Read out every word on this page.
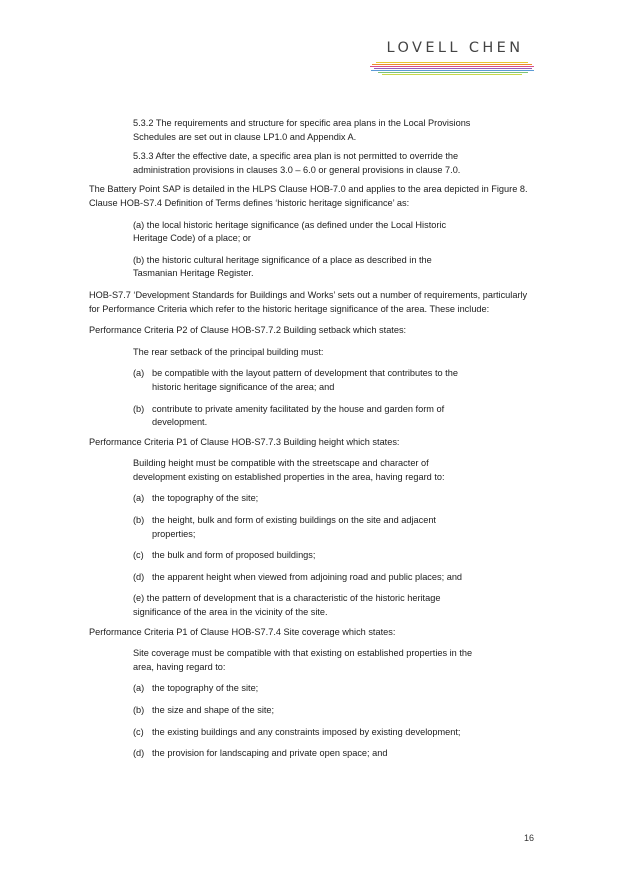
LOVELL CHEN

5.3.2 The requirements and structure for specific area plans in the Local Provisions Schedules are set out in clause LP1.0 and Appendix A.

5.3.3 After the effective date, a specific area plan is not permitted to override the administration provisions in clauses 3.0 – 6.0 or general provisions in clause 7.0.

The Battery Point SAP is detailed in the HLPS Clause HOB-7.0 and applies to the area depicted in Figure 8. Clause HOB-S7.4 Definition of Terms defines ‘historic heritage significance’ as:

(a) the local historic heritage significance (as defined under the Local Historic Heritage Code) of a place; or

(b) the historic cultural heritage significance of a place as described in the Tasmanian Heritage Register.

HOB-S7.7 ‘Development Standards for Buildings and Works’ sets out a number of requirements, particularly for Performance Criteria which refer to the historic heritage significance of the area. These include:

Performance Criteria P2 of Clause HOB-S7.7.2 Building setback which states:

The rear setback of the principal building must:

(a) be compatible with the layout pattern of development that contributes to the historic heritage significance of the area; and
(b) contribute to private amenity facilitated by the house and garden form of development.

Performance Criteria P1 of Clause HOB-S7.7.3 Building height which states:

Building height must be compatible with the streetscape and character of development existing on established properties in the area, having regard to:

(a) the topography of the site;
(b) the height, bulk and form of existing buildings on the site and adjacent properties;
(c) the bulk and form of proposed buildings;
(d) the apparent height when viewed from adjoining road and public places; and

(e) the pattern of development that is a characteristic of the historic heritage significance of the area in the vicinity of the site.

Performance Criteria P1 of Clause HOB-S7.7.4 Site coverage which states:

Site coverage must be compatible with that existing on established properties in the area, having regard to:

(a) the topography of the site;
(b) the size and shape of the site;
(c) the existing buildings and any constraints imposed by existing development;
(d) the provision for landscaping and private open space; and
16
